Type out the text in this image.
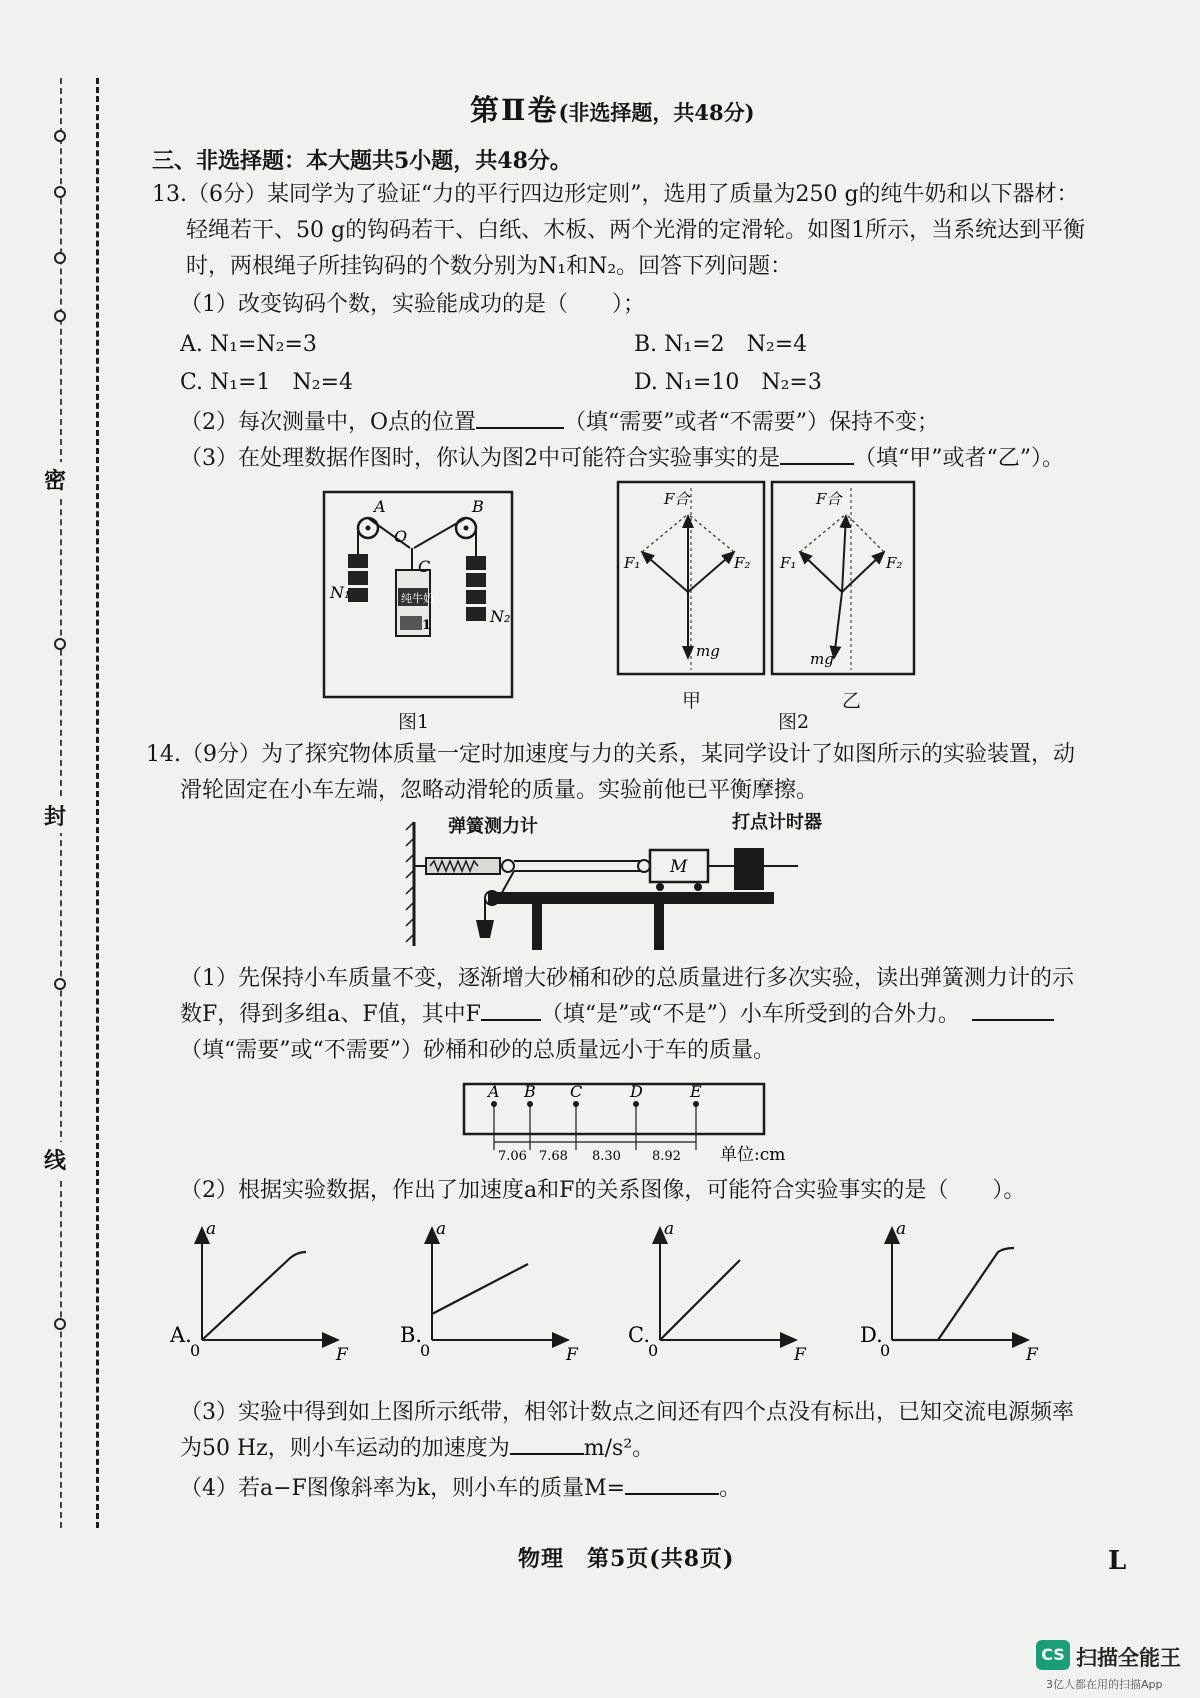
密
封
线
第Ⅱ卷(非选择题，共48分)
三、非选择题：本大题共5小题，共48分。
13.（6分）某同学为了验证“力的平行四边形定则”，选用了质量为250 g的纯牛奶和以下器材：
轻绳若干、50 g的钩码若干、白纸、木板、两个光滑的定滑轮。如图1所示，当系统达到平衡
时，两根绳子所挂钩码的个数分别为N₁和N₂。回答下列问题：
（1）改变钩码个数，实验能成功的是（　　）；
A. N₁=N₂=3	B. N₁=2　N₂=4
C. N₁=1　N₂=4	D. N₁=10　N₂=3
（2）每次测量中，O点的位置	（填“需要”或者“不需要”）保持不变；
（3）在处理数据作图时，你认为图2中可能符合实验事实的是	（填“甲”或者“乙”）。
纯牛奶
1
A	B
O
C
N₁
N₂
图1
F合
F₁	F₂
mg
F合
F₁	F₂
mg
甲	乙
图2
14.（9分）为了探究物体质量一定时加速度与力的关系，某同学设计了如图所示的实验装置，动
滑轮固定在小车左端，忽略动滑轮的质量。实验前他已平衡摩擦。
M
弹簧测力计	打点计时器
（1）先保持小车质量不变，逐渐增大砂桶和砂的总质量进行多次实验，读出弹簧测力计的示
数F，得到多组a、F值，其中F	（填“是”或“不是”）小车所受到的合外力。
（填“需要”或“不需要”）砂桶和砂的总质量远小于车的质量。
A B C	D	E
7.06 7.68 8.30 8.92 单位:cm
（2）根据实验数据，作出了加速度a和F的关系图像，可能符合实验事实的是（　　）。
a
F
A.
0
a
F
B.
0
a
F
C.
0
a
F
D.
0
（3）实验中得到如上图所示纸带，相邻计数点之间还有四个点没有标出，已知交流电源频率
为50 Hz，则小车运动的加速度为	m/s²。
（4）若a−F图像斜率为k，则小车的质量M=	。
物理　第5页(共8页)	L
CS 扫描全能王
3亿人都在用的扫描App
